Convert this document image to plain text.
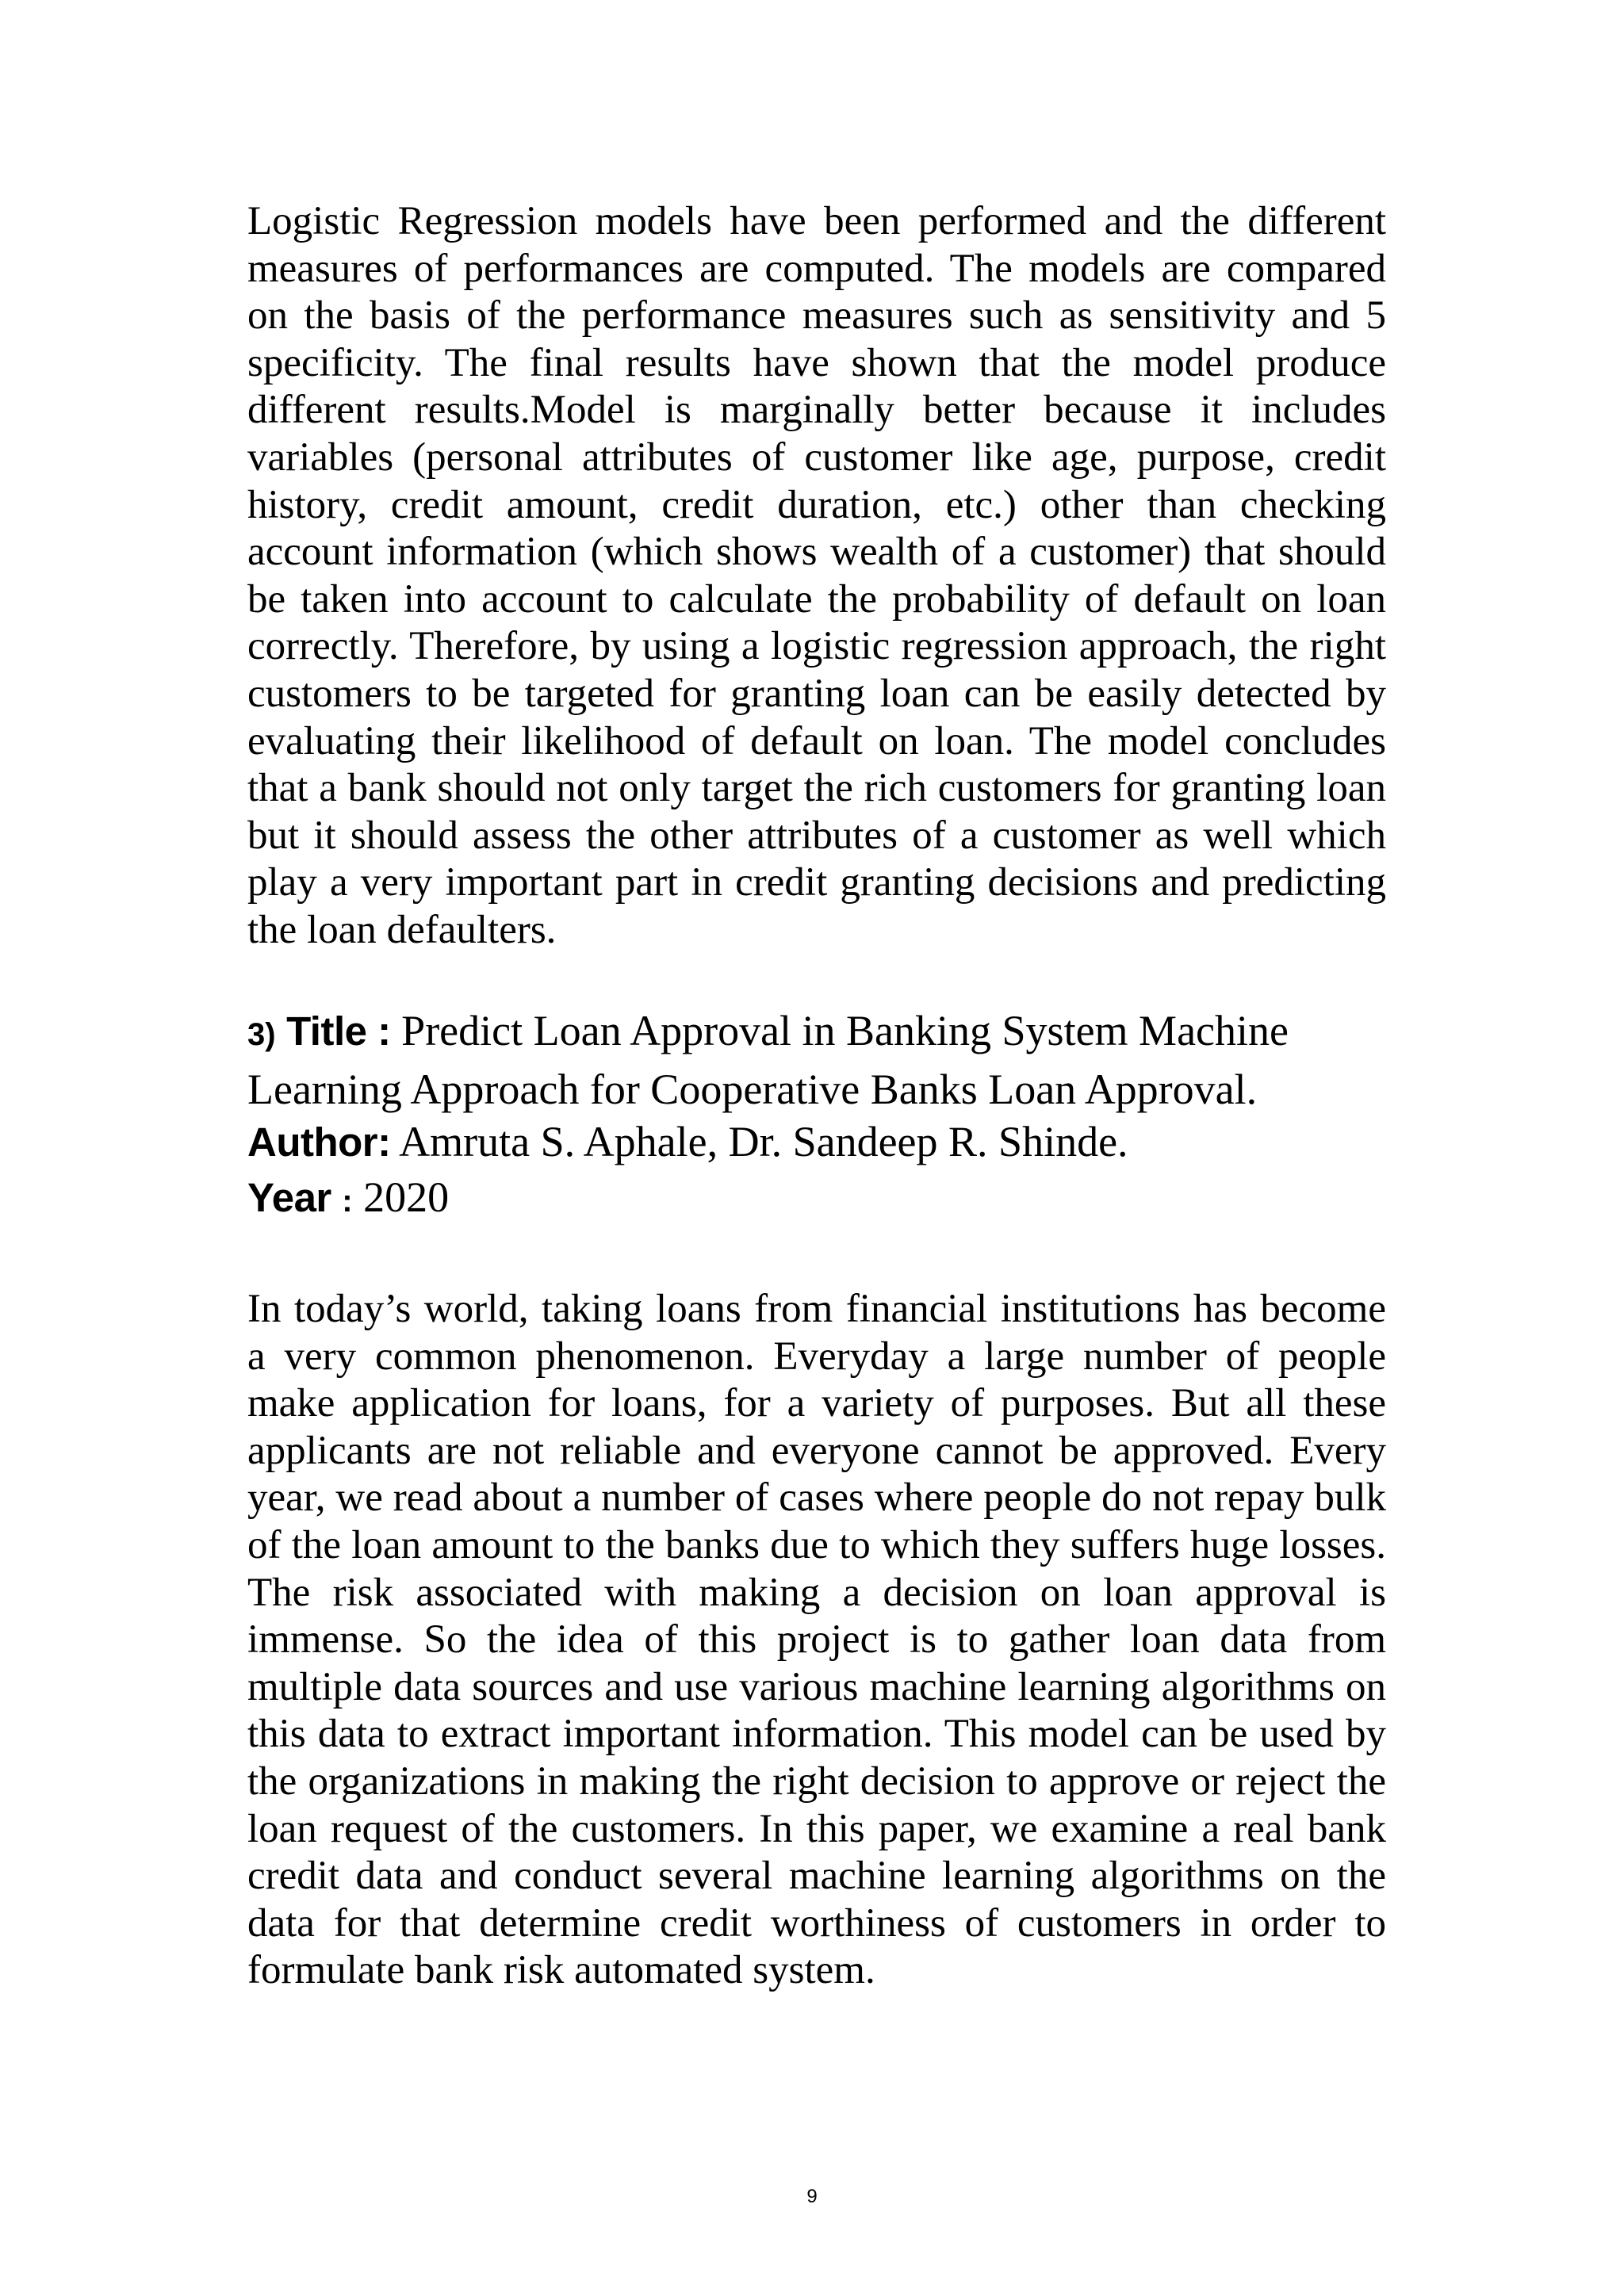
Logistic Regression models have been performed and the different measures of performances are computed. The models are compared on the basis of the performance measures such as sensitivity and 5 specificity. The final results have shown that the model produce different results.Model is marginally better because it includes variables (personal attributes of customer like age, purpose, credit history, credit amount, credit duration, etc.) other than checking account information (which shows wealth of a customer) that should be taken into account to calculate the probability of default on loan correctly. Therefore, by using a logistic regression approach, the right customers to be targeted for granting loan can be easily detected by evaluating their likelihood of default on loan. The model concludes that a bank should not only target the rich customers for granting loan but it should assess the other attributes of a customer as well which play a very important part in credit granting decisions and predicting the loan defaulters.

3) Title : Predict Loan Approval in Banking System Machine Learning Approach for Cooperative Banks Loan Approval.
Author: Amruta S. Aphale, Dr. Sandeep R. Shinde.
Year : 2020

In today’s world, taking loans from financial institutions has become a very common phenomenon. Everyday a large number of people make application for loans, for a variety of purposes. But all these applicants are not reliable and everyone cannot be approved. Every year, we read about a number of cases where people do not repay bulk of the loan amount to the banks due to which they suffers huge losses. The risk associated with making a decision on loan approval is immense. So the idea of this project is to gather loan data from multiple data sources and use various machine learning algorithms on this data to extract important information. This model can be used by the organizations in making the right decision to approve or reject the loan request of the customers. In this paper, we examine a real bank credit data and conduct several machine learning algorithms on the data for that determine credit worthiness of customers in order to formulate bank risk automated system.

9
